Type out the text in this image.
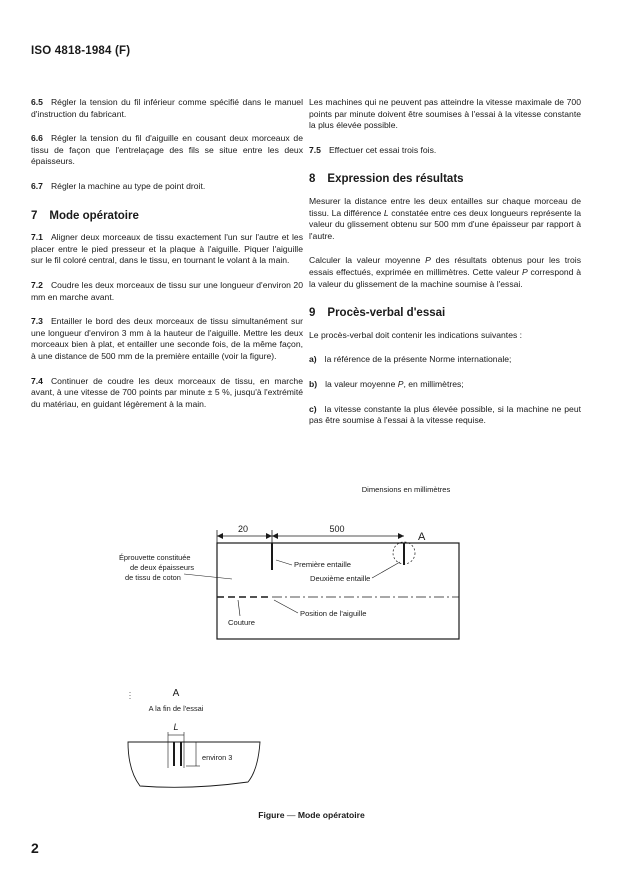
ISO 4818-1984 (F)

6.5 Régler la tension du fil inférieur comme spécifié dans le manuel d'instruction du fabricant.

6.6 Régler la tension du fil d'aiguille en cousant deux morceaux de tissu de façon que l'entrelaçage des fils se situe entre les deux épaisseurs.

6.7 Régler la machine au type de point droit.

7 Mode opératoire

7.1 Aligner deux morceaux de tissu exactement l'un sur l'autre et les placer entre le pied presseur et la plaque à l'aiguille. Piquer l'aiguille sur le fil coloré central, dans le tissu, en tournant le volant à la main.

7.2 Coudre les deux morceaux de tissu sur une longueur d'environ 20 mm en marche avant.

7.3 Entailler le bord des deux morceaux de tissu simultanément sur une longueur d'environ 3 mm à la hauteur de l'aiguille. Mettre les deux morceaux bien à plat, et entailler une seconde fois, de la même façon, à une distance de 500 mm de la première entaille (voir la figure).

7.4 Continuer de coudre les deux morceaux de tissu, en marche avant, à une vitesse de 700 points par minute ± 5 %, jusqu'à l'extrémité du matériau, en guidant légèrement à la main.

Les machines qui ne peuvent pas atteindre la vitesse maximale de 700 points par minute doivent être soumises à l'essai à la vitesse constante la plus élevée possible.

7.5 Effectuer cet essai trois fois.

8 Expression des résultats

Mesurer la distance entre les deux entailles sur chaque morceau de tissu. La différence L constatée entre ces deux longueurs représente la valeur du glissement obtenu sur 500 mm d'une épaisseur par rapport à l'autre.

Calculer la valeur moyenne P des résultats obtenus pour les trois essais effectués, exprimée en millimètres. Cette valeur P correspond à la valeur du glissement de la machine soumise à l'essai.

9 Procès-verbal d'essai

Le procès-verbal doit contenir les indications suivantes :

a) la référence de la présente Norme internationale;

b) la valeur moyenne P, en millimètres;

c) la vitesse constante la plus élevée possible, si la machine ne peut pas être soumise à l'essai à la vitesse requise.

Dimensions en millimètres
20	500
A
Éprouvette constituée de deux épaisseurs de tissu de coton
Première entaille
Deuxième entaille
Position de l'aiguille
Couture
A
A la fin de l'essai
L
environ 3
Figure — Mode opératoire
2
